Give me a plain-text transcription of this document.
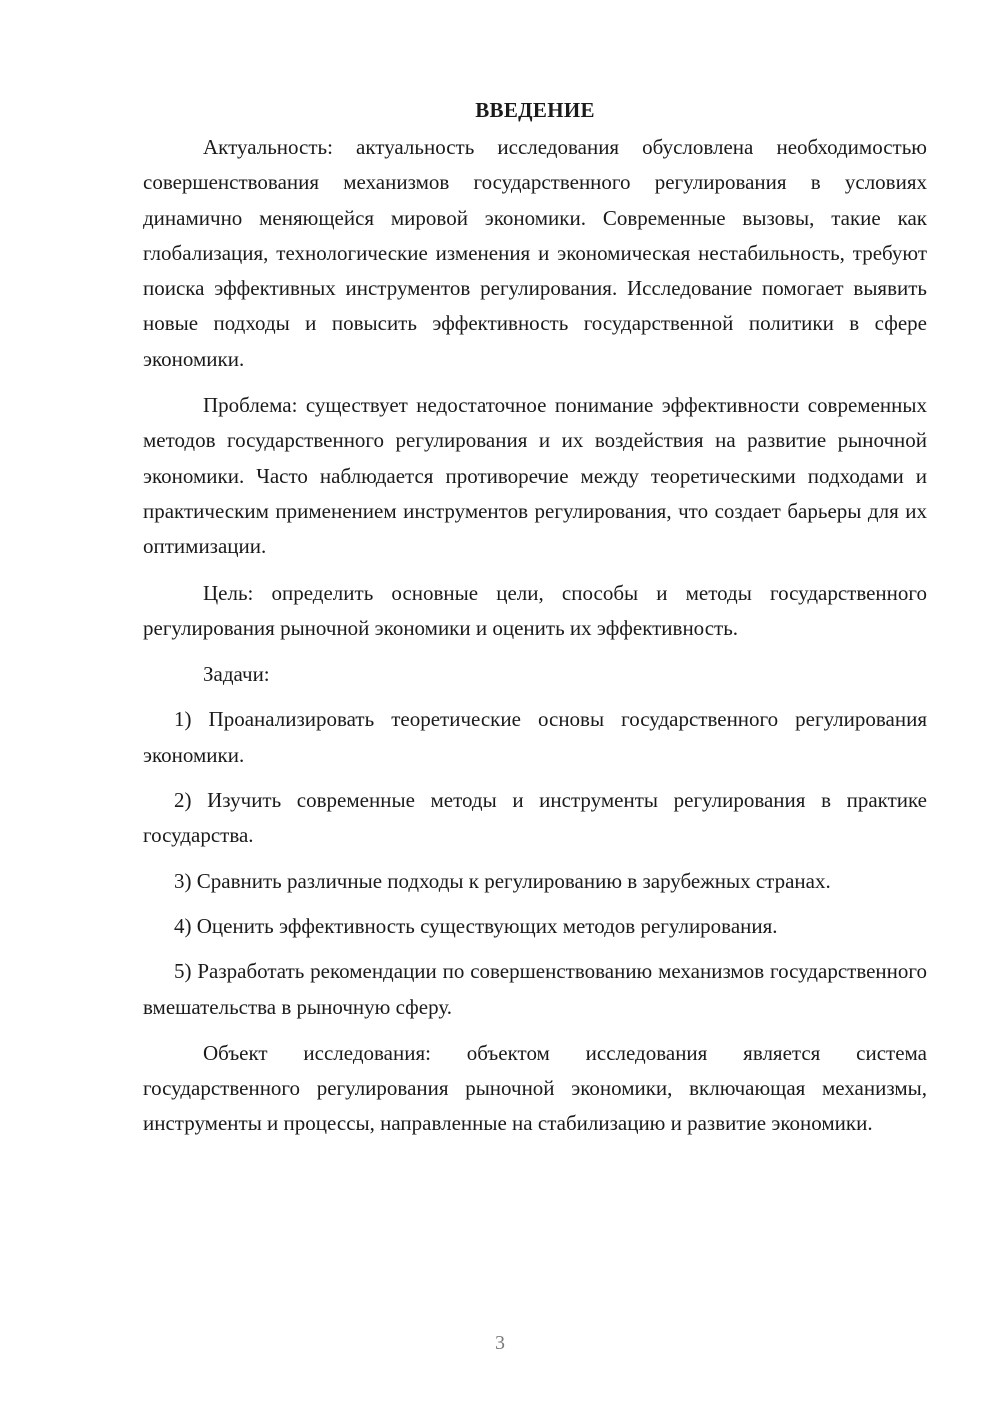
ВВЕДЕНИЕ

Актуальность: актуальность исследования обусловлена необходимостью совершенствования механизмов государственного регулирования в условиях динамично меняющейся мировой экономики. Современные вызовы, такие как глобализация, технологические изменения и экономическая нестабильность, требуют поиска эффективных инструментов регулирования. Исследование помогает выявить новые подходы и повысить эффективность государственной политики в сфере экономики.

Проблема: существует недостаточное понимание эффективности современных методов государственного регулирования и их воздействия на развитие рыночной экономики. Часто наблюдается противоречие между теоретическими подходами и практическим применением инструментов регулирования, что создает барьеры для их оптимизации.

Цель: определить основные цели, способы и методы государственного регулирования рыночной экономики и оценить их эффективность.

Задачи:

1) Проанализировать теоретические основы государственного регулирования экономики.

2) Изучить современные методы и инструменты регулирования в практике государства.

3) Сравнить различные подходы к регулированию в зарубежных странах.

4) Оценить эффективность существующих методов регулирования.

5) Разработать рекомендации по совершенствованию механизмов государственного вмешательства в рыночную сферу.

Объект исследования: объектом исследования является система государственного регулирования рыночной экономики, включающая механизмы, инструменты и процессы, направленные на стабилизацию и развитие экономики.

3
